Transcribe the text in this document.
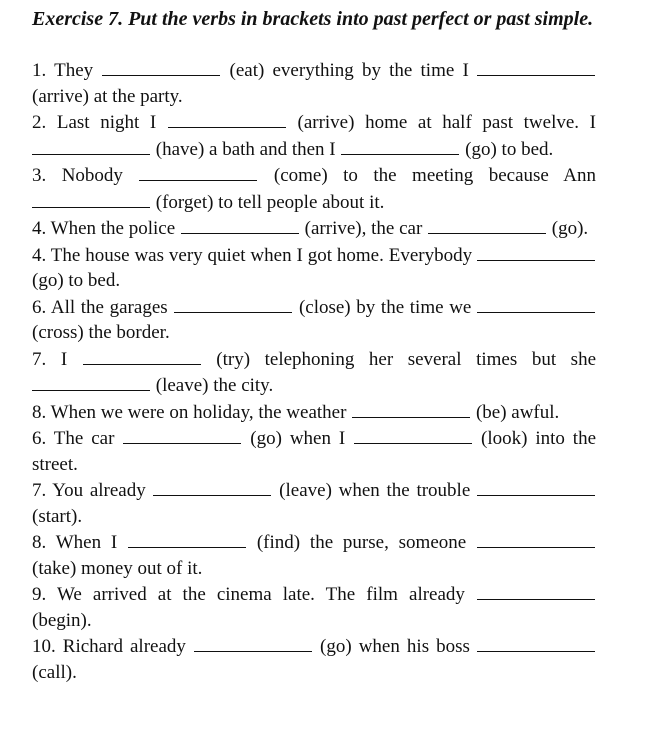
Exercise 7. Put the verbs in brackets into past perfect or past simple.

1. They	(eat) everything by the time I	(arrive) at the party.

2. Last night I	(arrive) home at half past twelve. I  (have) a bath and then I	(go) to bed.

3. Nobody	(come) to the meeting because Ann  (forget) to tell people about it.

4. When the police	(arrive), the car	(go).

4. The house was very quiet when I got home. Everybody	(go) to bed.

6. All the garages	(close) by the time we	(cross) the border.

7. I	(try) telephoning her several times but she  (leave) the city.

8. When we were on holiday, the weather	(be) awful.

6. The car	(go) when I	(look) into the street.

7. You already	(leave) when the trouble	(start).

8. When I	(find) the purse, someone	(take) money out of it.

9. We arrived at the cinema late. The film already	(begin).

10. Richard already	(go) when his boss	(call).
